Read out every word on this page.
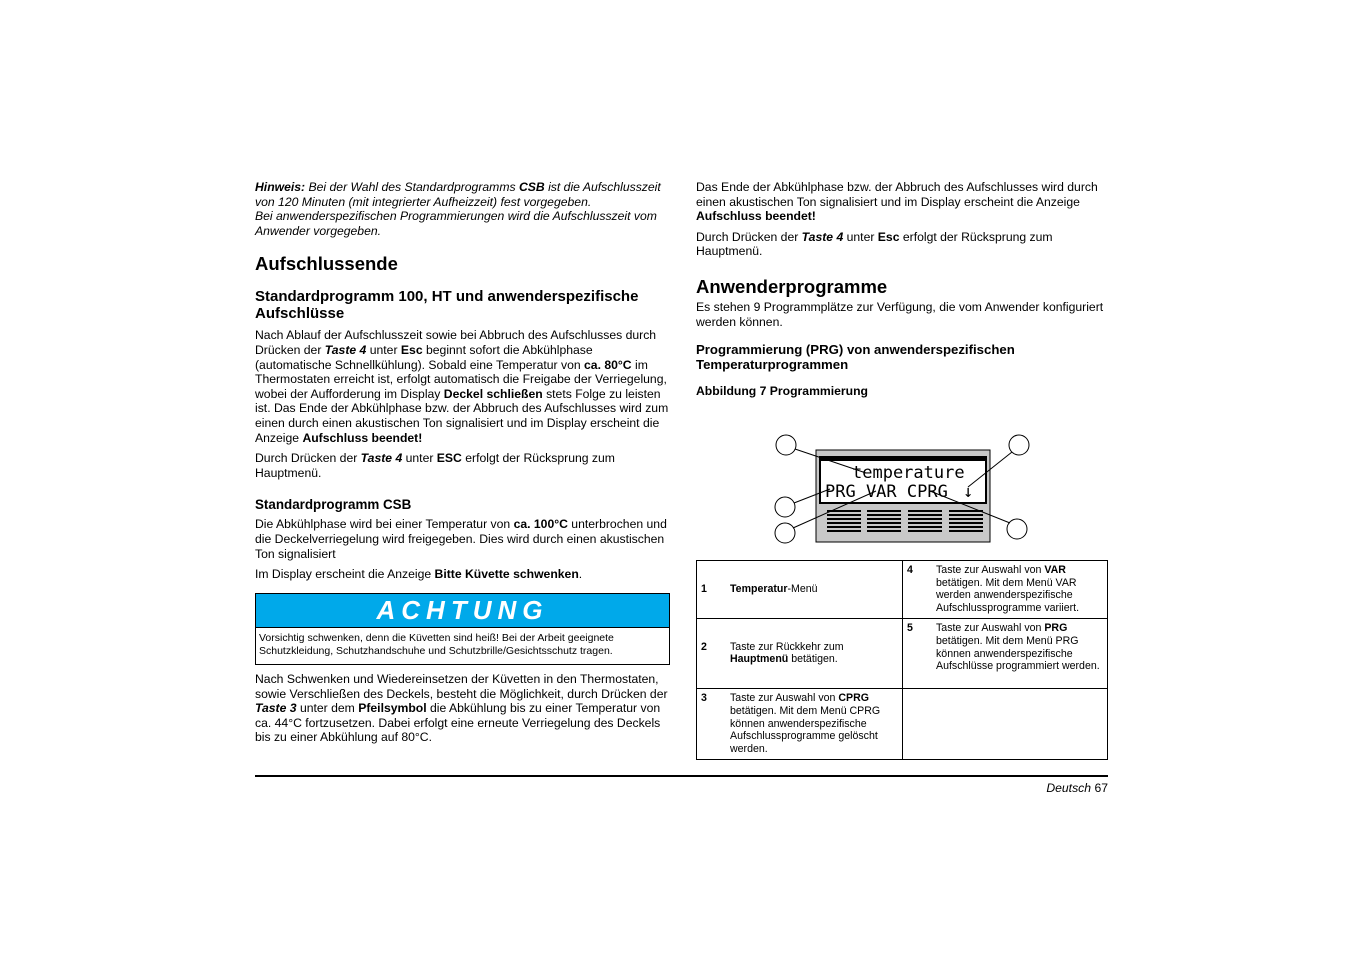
Hinweis: Bei der Wahl des Standardprogramms CSB ist die Aufschlusszeit von 120 Minuten (mit integrierter Aufheizzeit) fest vorgegeben.
Bei anwenderspezifischen Programmierungen wird die Aufschlusszeit vom Anwender vorgegeben.

Aufschlussende
Standardprogramm 100, HT und anwenderspezifische Aufschlüsse

Nach Ablauf der Aufschlusszeit sowie bei Abbruch des Aufschlusses durch Drücken der Taste 4 unter Esc beginnt sofort die Abkühlphase (automatische Schnellkühlung). Sobald eine Temperatur von ca. 80°C im Thermostaten erreicht ist, erfolgt automatisch die Freigabe der Verriegelung, wobei der Aufforderung im Display Deckel schließen stets Folge zu leisten ist. Das Ende der Abkühlphase bzw. der Abbruch des Aufschlusses wird zum einen durch einen akustischen Ton signalisiert und im Display erscheint die Anzeige Aufschluss beendet!

Durch Drücken der Taste 4 unter ESC erfolgt der Rücksprung zum Hauptmenü.

Standardprogramm CSB

Die Abkühlphase wird bei einer Temperatur von ca. 100°C unterbrochen und die Deckelverriegelung wird freigegeben. Dies wird durch einen akustischen Ton signalisiert

Im Display erscheint die Anzeige Bitte Küvette schwenken.

ACHTUNG
Vorsichtig schwenken, denn die Küvetten sind heiß! Bei der Arbeit geeignete Schutzkleidung, Schutzhandschuhe und Schutzbrille/Gesichtsschutz tragen.

Nach Schwenken und Wiedereinsetzen der Küvetten in den Thermostaten, sowie Verschließen des Deckels, besteht die Möglichkeit, durch Drücken der Taste 3 unter dem Pfeilsymbol die Abkühlung bis zu einer Temperatur von ca. 44°C fortzusetzen. Dabei erfolgt eine erneute Verriegelung des Deckels bis zu einer Abkühlung auf 80°C.

Das Ende der Abkühlphase bzw. der Abbruch des Aufschlusses wird durch einen akustischen Ton signalisiert und im Display erscheint die Anzeige Aufschluss beendet!

Durch Drücken der Taste 4 unter Esc erfolgt der Rücksprung zum Hauptmenü.

Anwenderprogramme

Es stehen 9 Programmplätze zur Verfügung, die vom Anwender konfiguriert werden können.

Programmierung (PRG) von anwenderspezifischen Temperaturprogrammen

Abbildung 7 Programmierung

temperature
PRG VAR CPRG ↓
1 Temperatur-Menü	4 Taste zur Auswahl von VAR betätigen. Mit dem Menü VAR werden anwenderspezifische Aufschlussprogramme variiert.

2 Taste zur Rückkehr zum Hauptmenü betätigen.	5 Taste zur Auswahl von PRG betätigen. Mit dem Menü PRG können anwenderspezifische Aufschlüsse programmiert werden.

3 Taste zur Auswahl von CPRG betätigen. Mit dem Menü CPRG können anwenderspezifische Aufschlussprogramme gelöscht werden.	

Deutsch 67
